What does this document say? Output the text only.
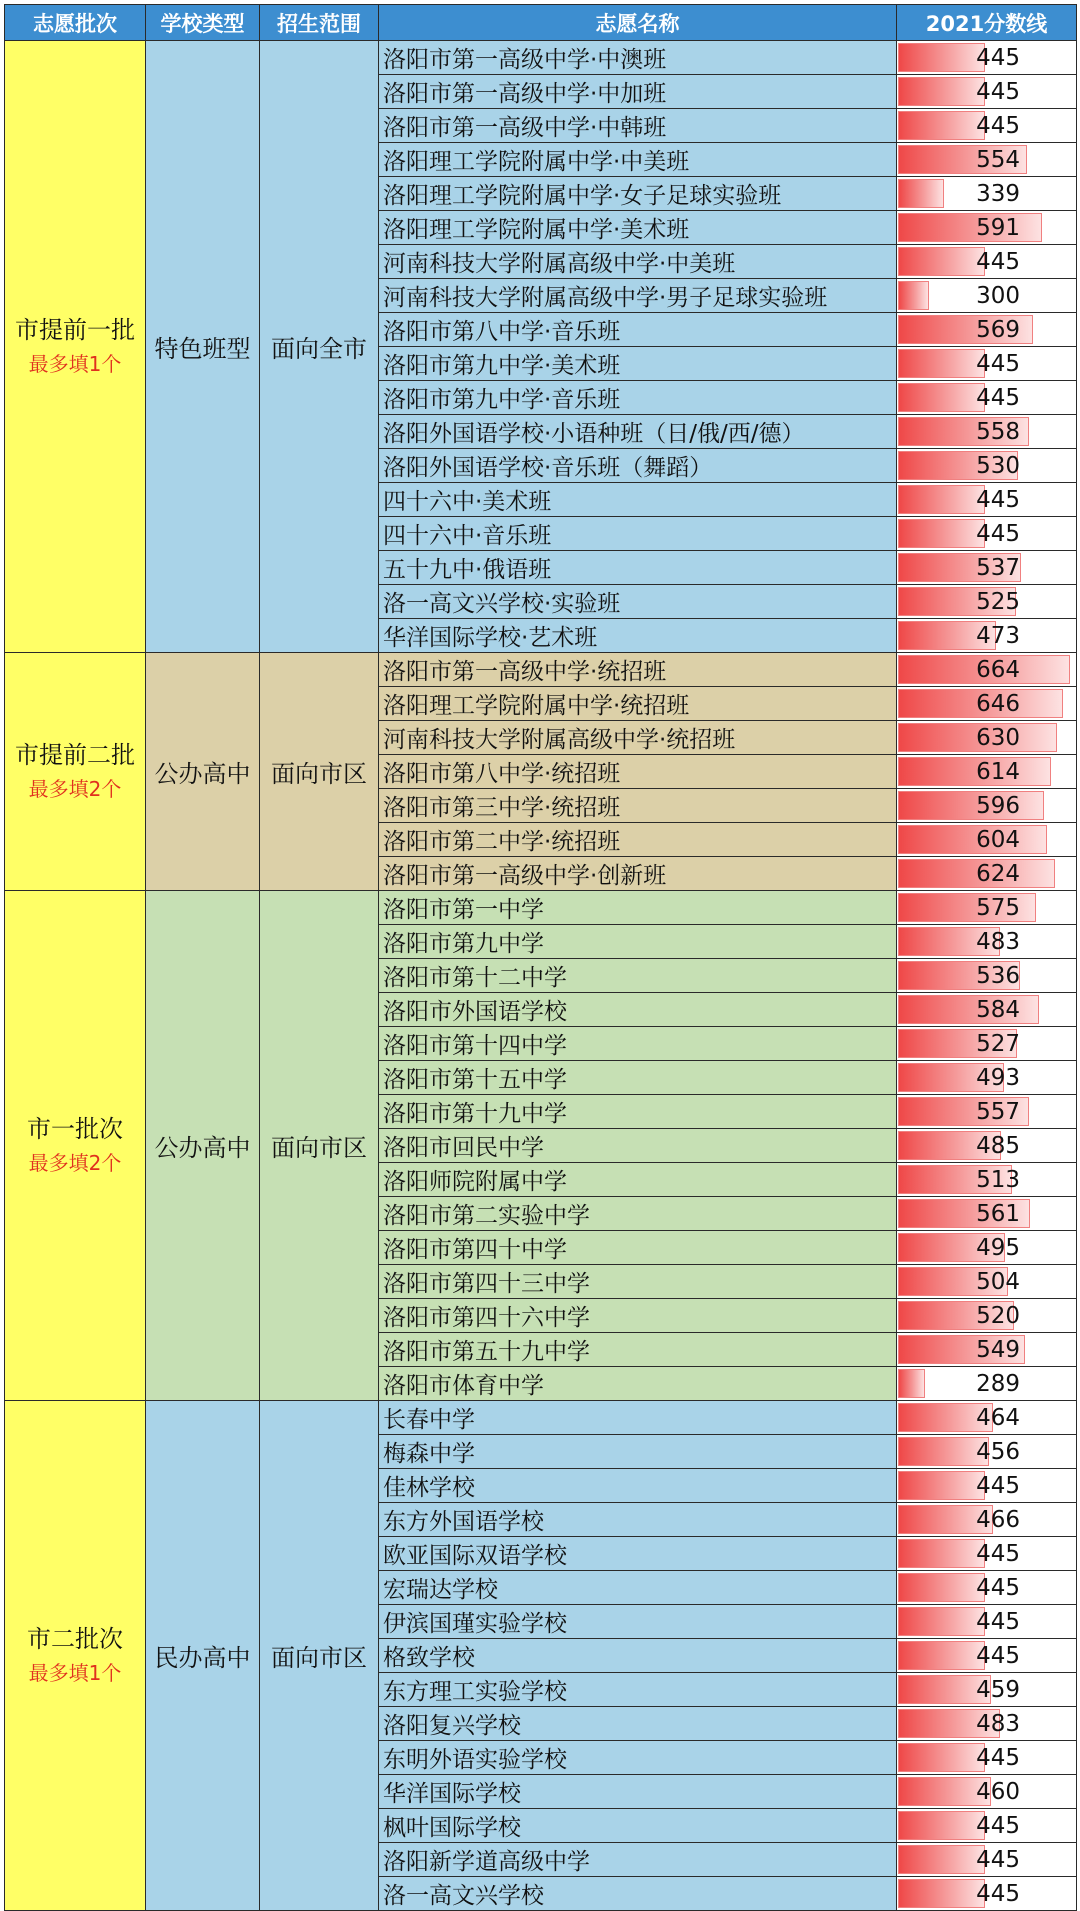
志愿批次	学校类型	招生范围	志愿名称	2021分数线
市提前一批
最多填1个	特色班型	面向全市	洛阳市第一高级中学·中澳班	445

			洛阳市第一高级中学·中加班	445

			洛阳市第一高级中学·中韩班	445

			洛阳理工学院附属中学·中美班	554

			洛阳理工学院附属中学·女子足球实验班	339

			洛阳理工学院附属中学·美术班	591

			河南科技大学附属高级中学·中美班	445

			河南科技大学附属高级中学·男子足球实验班	300

			洛阳市第八中学·音乐班	569

			洛阳市第九中学·美术班	445

			洛阳市第九中学·音乐班	445

			洛阳外国语学校·小语种班（日/俄/西/德）	558

			洛阳外国语学校·音乐班（舞蹈）	530

			四十六中·美术班	445

			四十六中·音乐班	445

			五十九中·俄语班	537

			洛一高文兴学校·实验班	525

			华洋国际学校·艺术班	473

市提前二批
最多填2个	公办高中	面向市区	洛阳市第一高级中学·统招班	664

			洛阳理工学院附属中学·统招班	646

			河南科技大学附属高级中学·统招班	630

			洛阳市第八中学·统招班	614

			洛阳市第三中学·统招班	596

			洛阳市第二中学·统招班	604

			洛阳市第一高级中学·创新班	624

市一批次
最多填2个	公办高中	面向市区	洛阳市第一中学	575

			洛阳市第九中学	483

			洛阳市第十二中学	536

			洛阳市外国语学校	584

			洛阳市第十四中学	527

			洛阳市第十五中学	493

			洛阳市第十九中学	557

			洛阳市回民中学	485

			洛阳师院附属中学	513

			洛阳市第二实验中学	561

			洛阳市第四十中学	495

			洛阳市第四十三中学	504

			洛阳市第四十六中学	520

			洛阳市第五十九中学	549

			洛阳市体育中学	289

市二批次
最多填1个	民办高中	面向市区	长春中学	464

			梅森中学	456

			佳林学校	445

			东方外国语学校	466

			欧亚国际双语学校	445

			宏瑞达学校	445

			伊滨国瑾实验学校	445

			格致学校	445

			东方理工实验学校	459

			洛阳复兴学校	483

			东明外语实验学校	445

			华洋国际学校	460

			枫叶国际学校	445

			洛阳新学道高级中学	445

			洛一高文兴学校	445
